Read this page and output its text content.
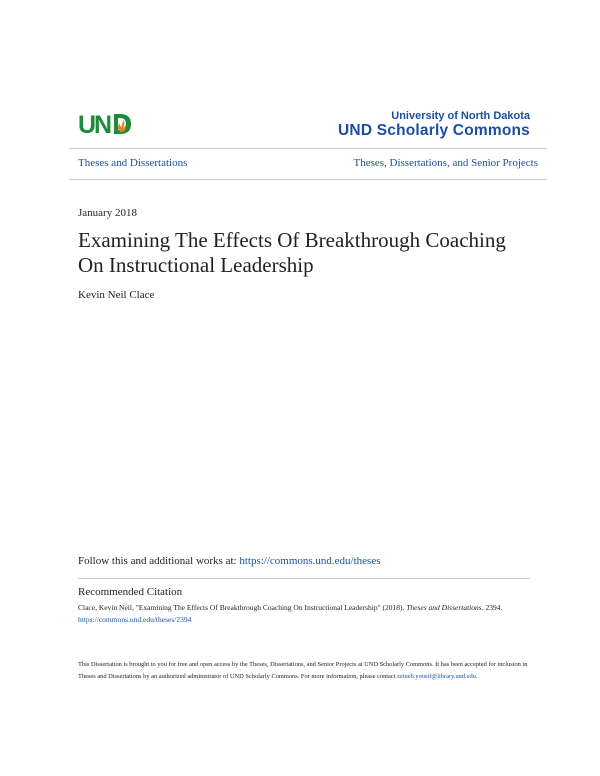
UN	University of North Dakota
UND Scholarly Commons
Theses and Dissertations	Theses, Dissertations, and Senior Projects
January 2018
Examining The Effects Of Breakthrough Coaching
On Instructional Leadership
Kevin Neil Clace
Follow this and additional works at: https://commons.und.edu/theses
Recommended Citation
Clace, Kevin Neil, "Examining The Effects Of Breakthrough Coaching On Instructional Leadership" (2018). Theses and Dissertations. 2394.
https://commons.und.edu/theses/2394
This Dissertation is brought to you for free and open access by the Theses, Dissertations, and Senior Projects at UND Scholarly Commons. It has been accepted for inclusion in Theses and Dissertations by an authorized administrator of UND Scholarly Commons. For more information, please contact zeineb.yousif@library.und.edu.
